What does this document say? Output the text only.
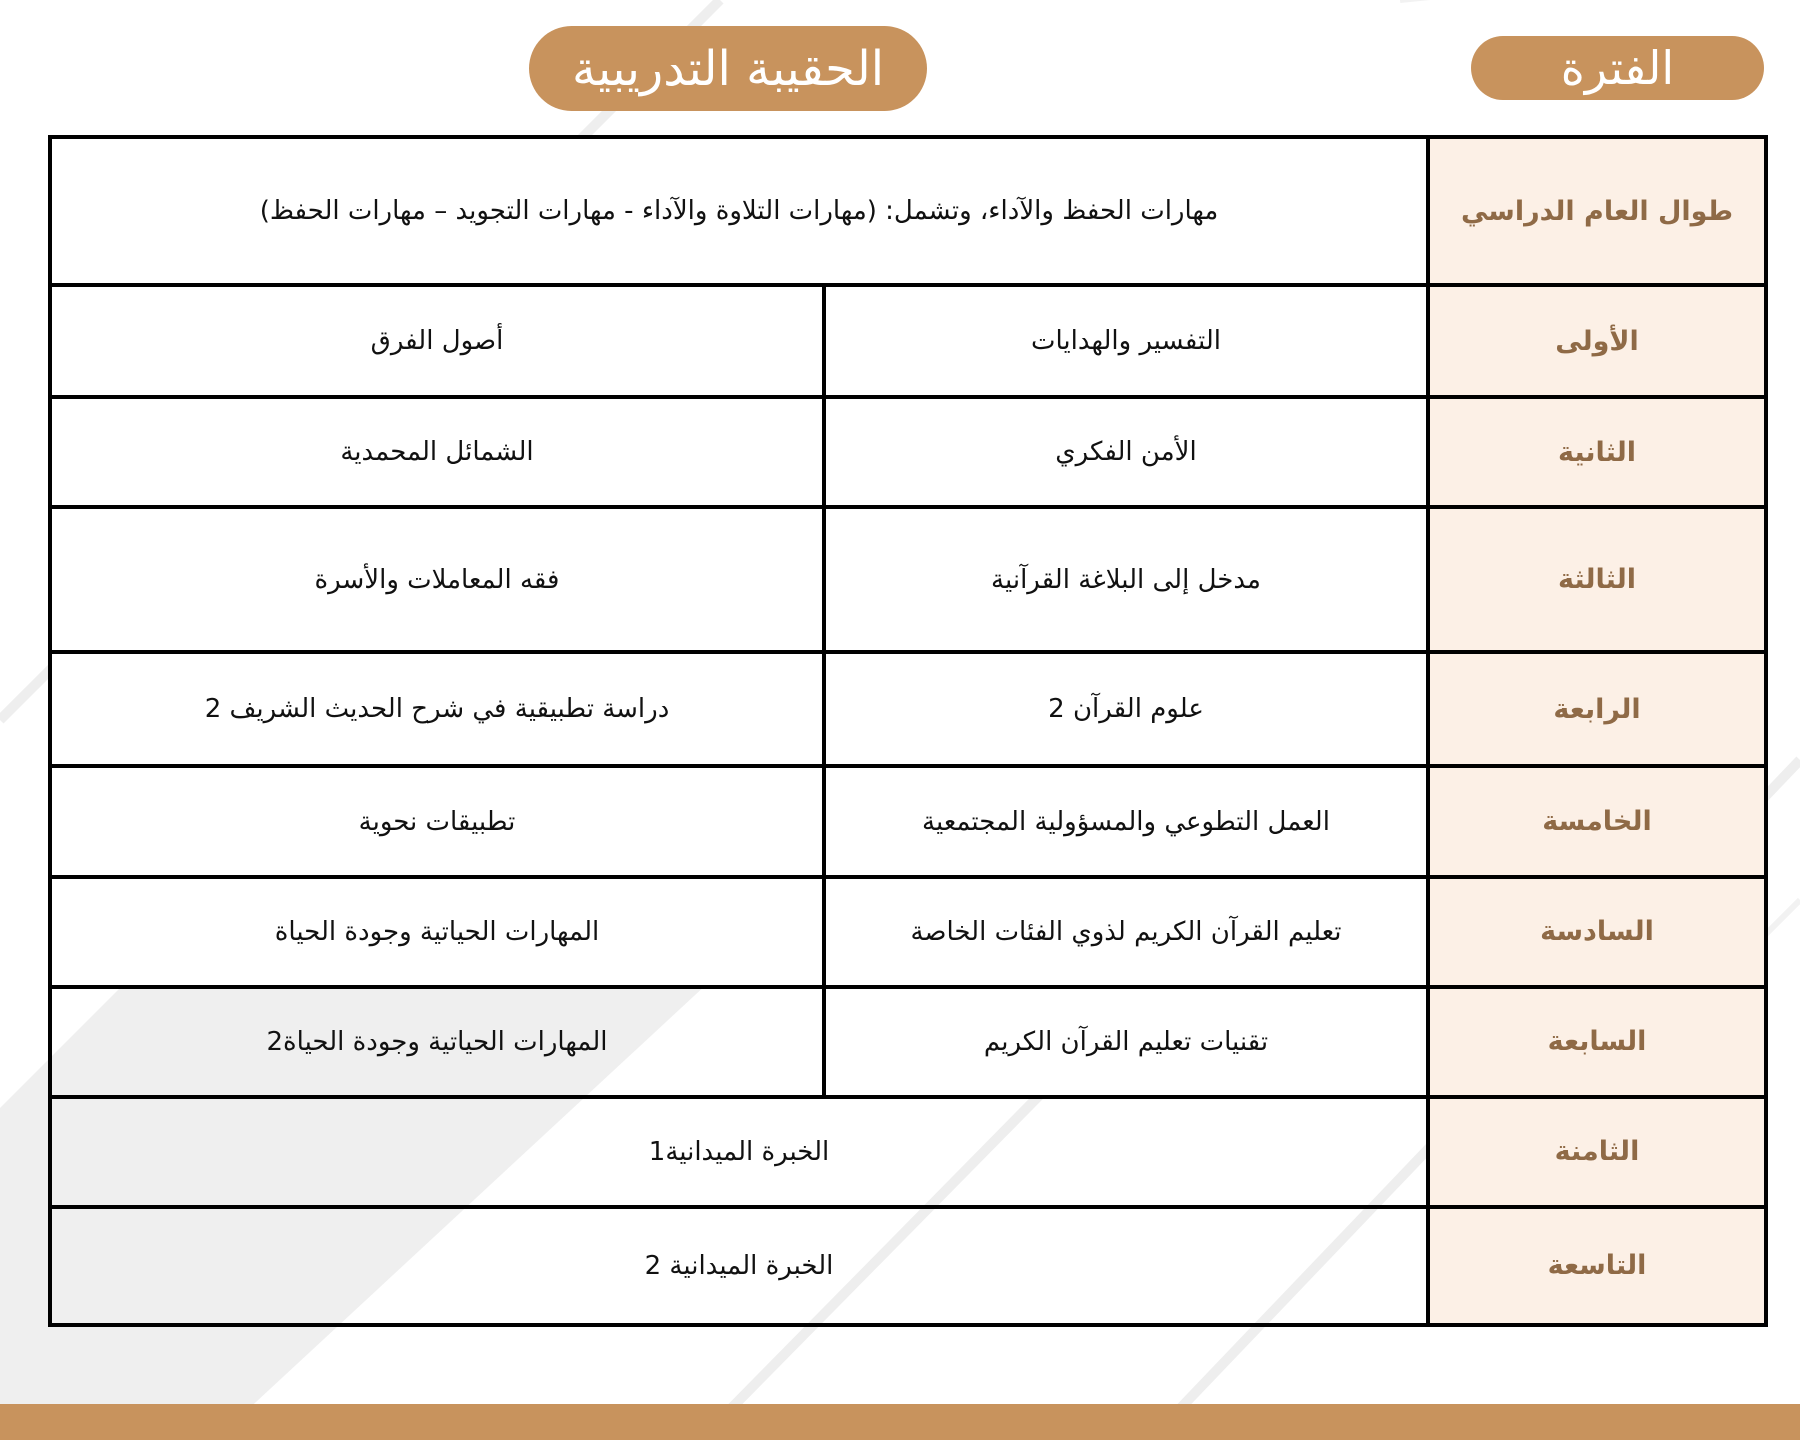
الفترة
الحقيبة التدريبية
طوال العام الدراسي	مهارات الحفظ والآداء، وتشمل: (مهارات التلاوة والآداء - مهارات التجويد – مهارات الحفظ)	
الأولى	التفسير والهدايات	أصول الفرق
الثانية	الأمن الفكري	الشمائل المحمدية
الثالثة	مدخل إلى البلاغة القرآنية	فقه المعاملات والأسرة
الرابعة	علوم القرآن 2	دراسة تطبيقية في شرح الحديث الشريف 2
الخامسة	العمل التطوعي والمسؤولية المجتمعية	تطبيقات نحوية
السادسة	تعليم القرآن الكريم لذوي الفئات الخاصة	المهارات الحياتية وجودة الحياة
السابعة	تقنيات تعليم القرآن الكريم	المهارات الحياتية وجودة الحياة2
الثامنة	الخبرة الميدانية1	
التاسعة	الخبرة الميدانية 2	
